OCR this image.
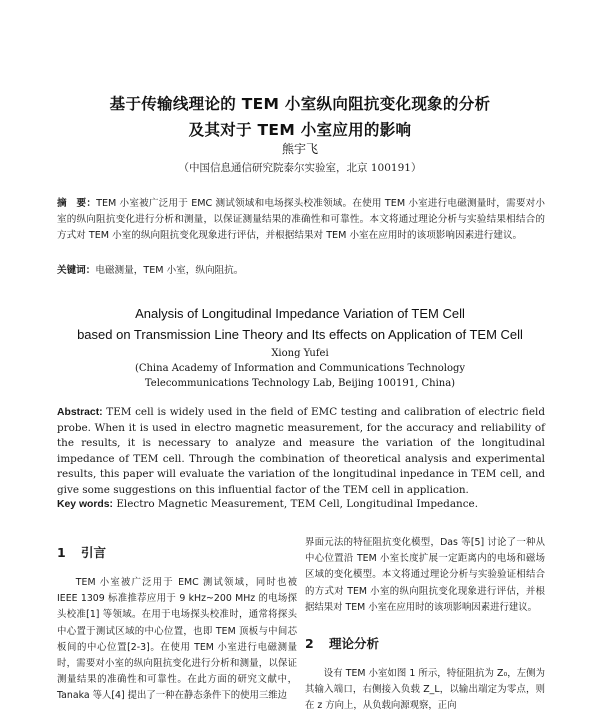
基于传输线理论的 TEM 小室纵向阻抗变化现象的分析
及其对于 TEM 小室应用的影响
熊宇飞
（中国信息通信研究院泰尔实验室，北京 100191）
摘　要：TEM 小室被广泛用于 EMC 测试领域和电场探头校准领域。在使用 TEM 小室进行电磁测量时，需要对小室的纵向阻抗变化进行分析和测量，以保证测量结果的准确性和可靠性。本文将通过理论分析与实验结果相结合的方式对 TEM 小室的纵向阻抗变化现象进行评估，并根据结果对 TEM 小室在应用时的该项影响因素进行建议。
关键词：电磁测量，TEM 小室，纵向阻抗。
Analysis of Longitudinal Impedance Variation of TEM Cell
based on Transmission Line Theory and Its effects on Application of TEM Cell
Xiong Yufei
(China Academy of Information and Communications Technology
Telecommunications Technology Lab, Beijing 100191, China)
Abstract: TEM cell is widely used in the field of EMC testing and calibration of electric field probe. When it is used in electro magnetic measurement, for the accuracy and reliability of the results, it is necessary to analyze and measure the variation of the longitudinal impedance of TEM cell. Through the combination of theoretical analysis and experimental results, this paper will evaluate the variation of the longitudinal inpedance in TEM cell, and give some suggestions on this influential factor of the TEM cell in application.
Key words: Electro Magnetic Measurement, TEM Cell, Longitudinal Impedance.
1 引言
TEM 小室被广泛用于 EMC 测试领域，同时也被 IEEE 1309 标准推荐应用于 9 kHz~200 MHz 的电场探头校准[1] 等领域。在用于电场探头校准时，通常将探头中心置于测试区域的中心位置，也即 TEM 顶板与中间芯板间的中心位置[2-3]。在使用 TEM 小室进行电磁测量时，需要对小室的纵向阻抗变化进行分析和测量，以保证测量结果的准确性和可靠性。在此方面的研究文献中，Tanaka 等人[4] 提出了一种在静态条件下的使用三维边
界面元法的特征阻抗变化模型，Das 等[5] 讨论了一种从中心位置沿 TEM 小室长度扩展一定距离内的电场和磁场区域的变化模型。本文将通过理论分析与实验验证相结合的方式对 TEM 小室的纵向阻抗变化现象进行评估，并根据结果对 TEM 小室在应用时的该项影响因素进行建议。
2 理论分析
设有 TEM 小室如图 1 所示，特征阻抗为 Z₀，左侧为其输入端口，右侧接入负载 Z_L，以输出端定为零点，则在 z 方向上，从负载向源观察，正向
